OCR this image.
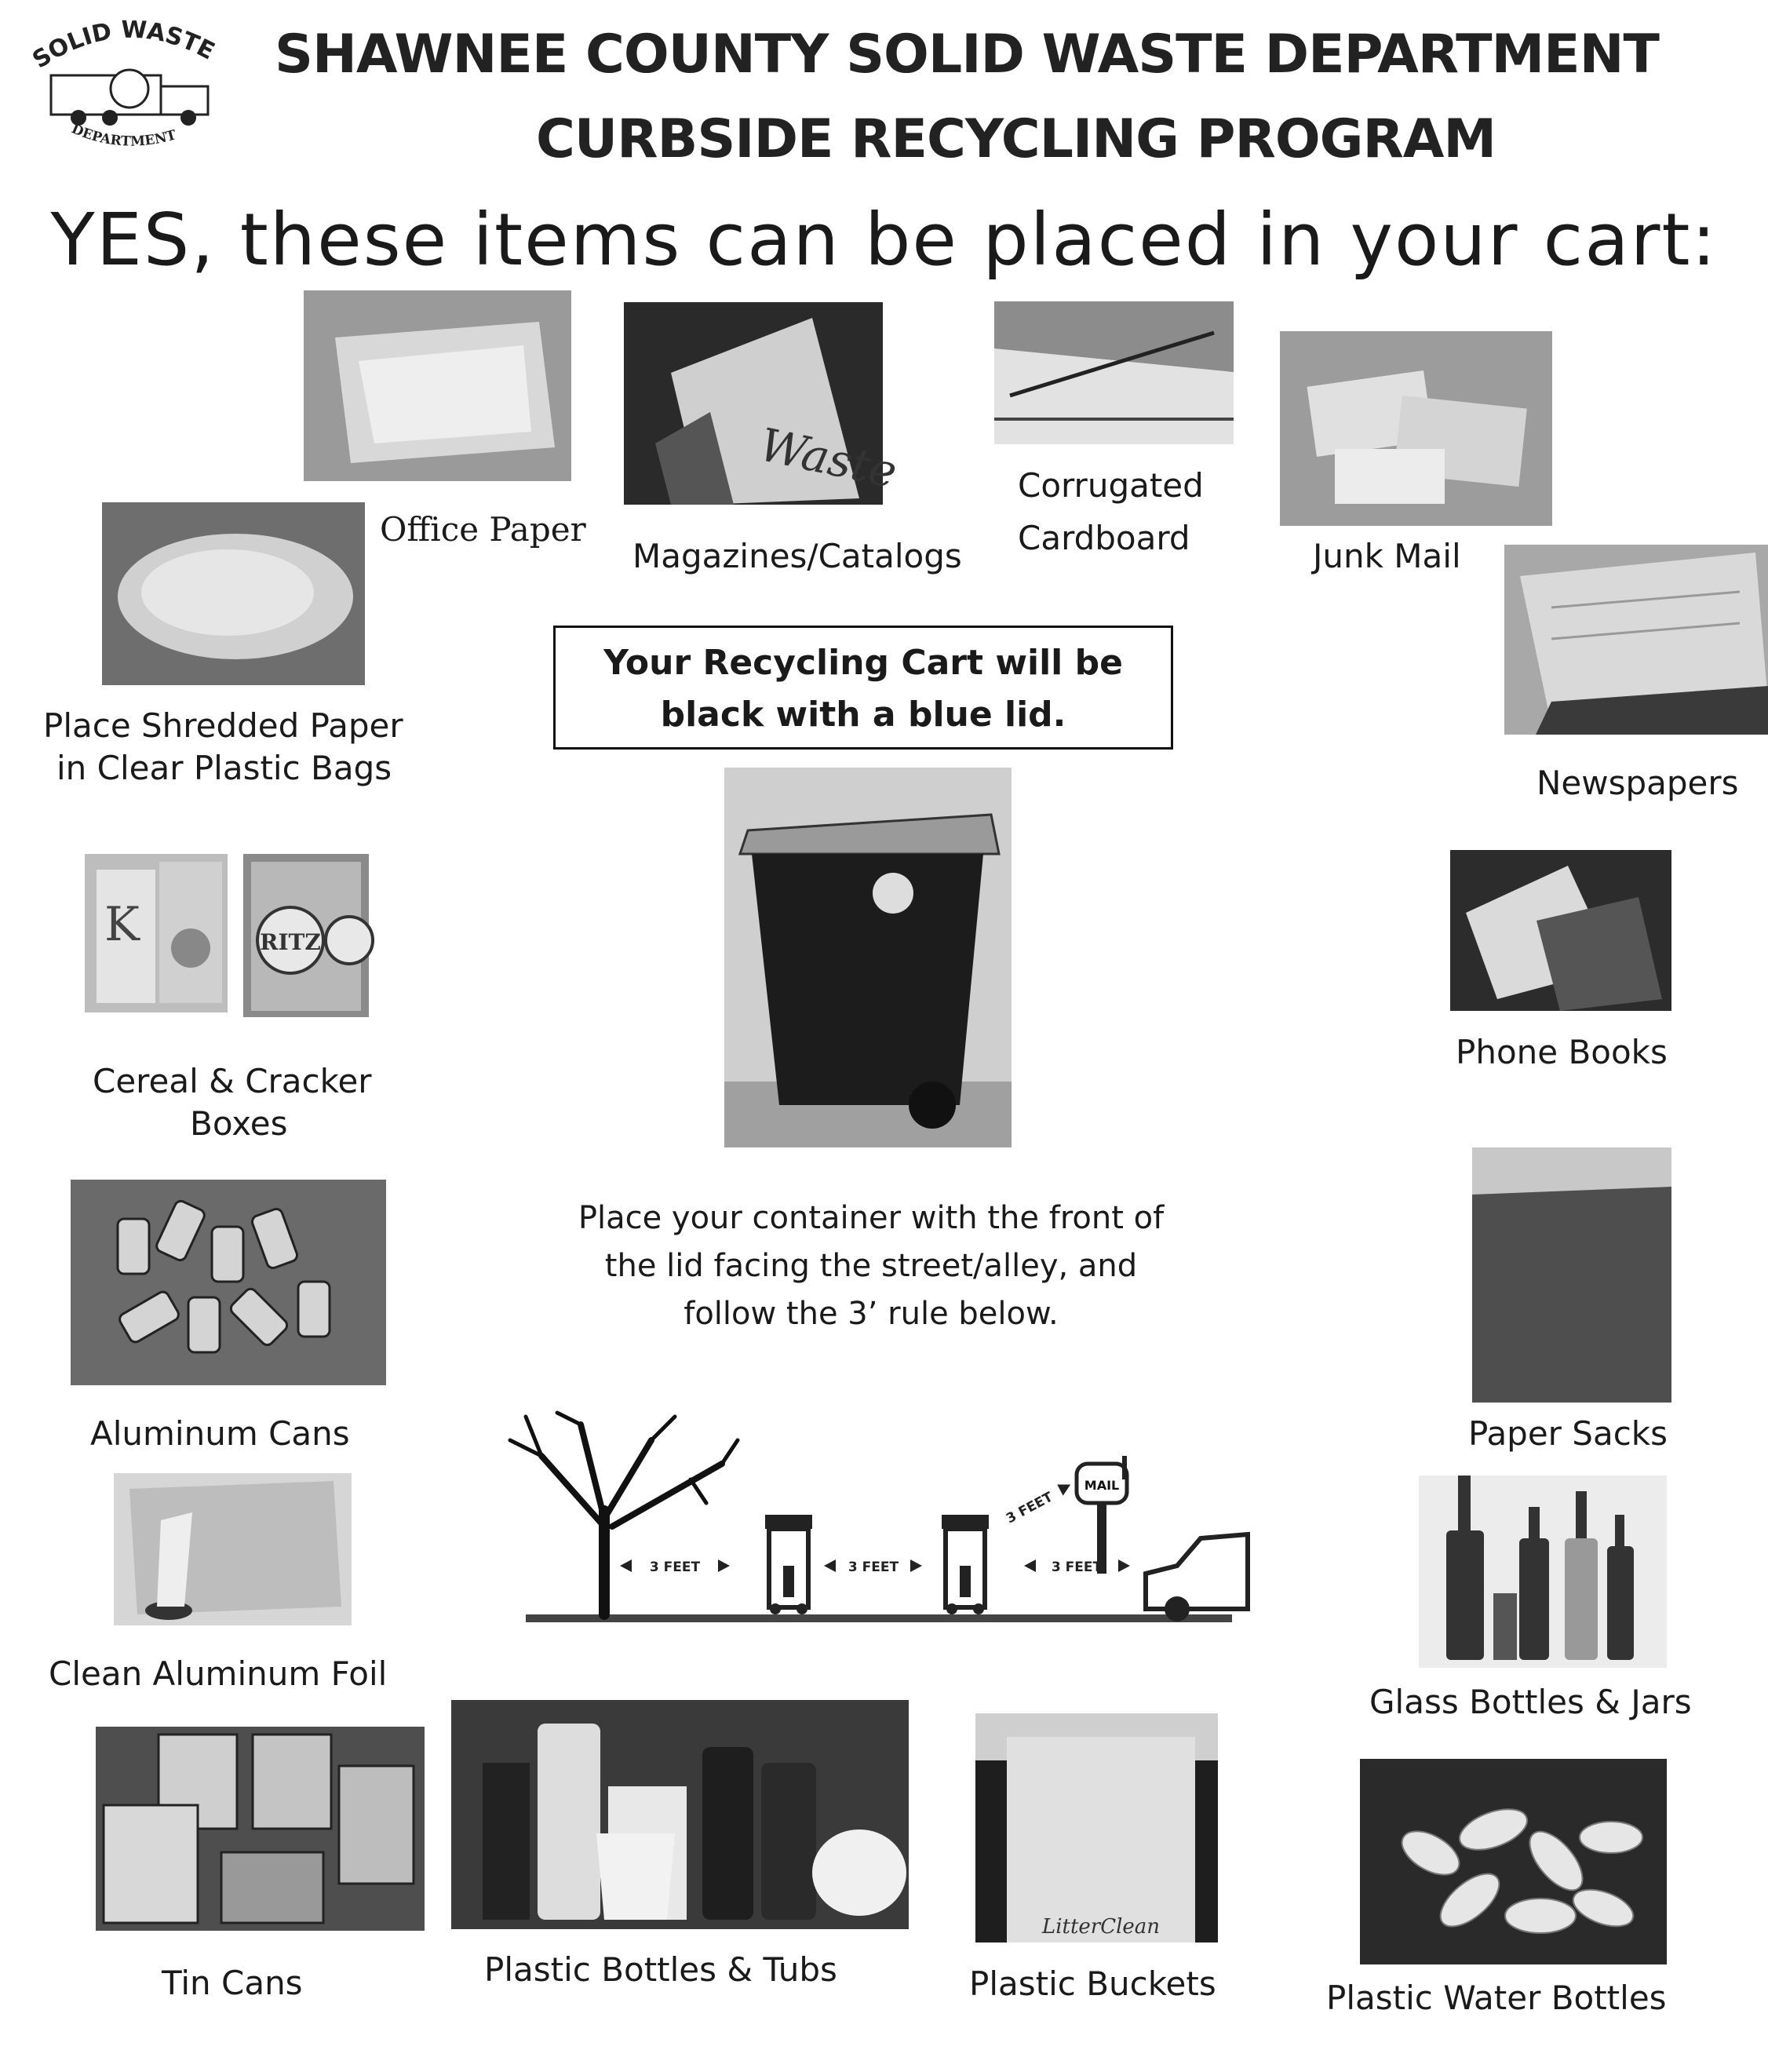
SOLID WASTE
DEPARTMENT
SHAWNEE COUNTY SOLID WASTE DEPARTMENT
CURBSIDE RECYCLING PROGRAM
YES, these items can be placed in your cart:
Waste
K	RITZ
LitterClean
Office Paper
Magazines/Catalogs
Corrugated
Cardboard	Junk Mail
Place Shredded Paper
in Clear Plastic Bags	Newspapers
Cereal & Cracker
Boxes
Phone Books
Aluminum Cans	Paper Sacks
Clean Aluminum Foil
Glass Bottles & Jars
Tin Cans	Plastic Bottles & Tubs	Plastic Buckets	Plastic Water Bottles
Your Recycling Cart will be
black with a blue lid.
Place your container with the front of
the lid facing the street/alley, and
follow the 3’ rule below.
MAIL
3 FEET	3 FEET	3 FEET
3 FEET
